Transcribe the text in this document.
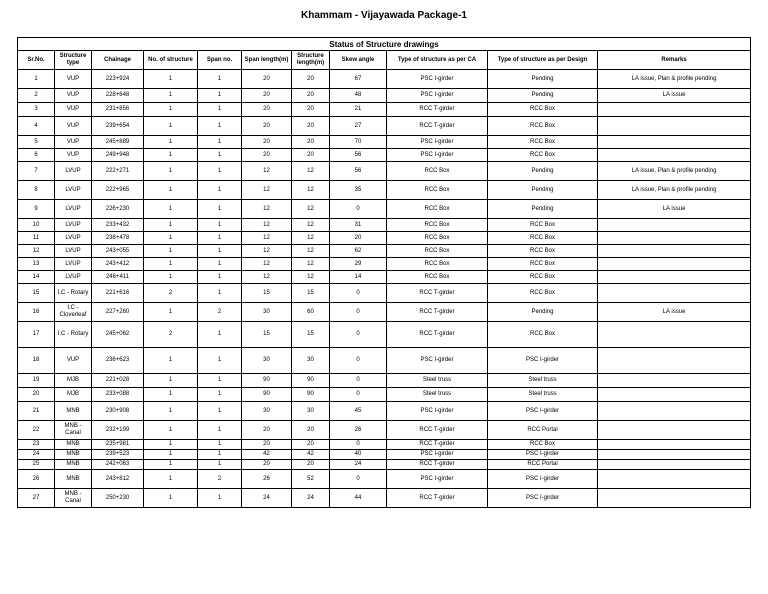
Khammam - Vijayawada Package-1
Status of Structure drawings										
Sr.No.	Structure type	Chainage	No. of structure	Span no.	Span length(m)	Structure length(m)	Skew angle	Type of structure as per CA	Type of structure as per Design	Remarks
1	VUP	223+924	1	1	20	20	67	PSC I-girder	Pending	LA issue, Plan & profile pending
2	VUP	228+648	1	1	20	20	48	PSC I-girder	Pending	LA issue
3	VUP	231+856	1	1	20	20	21	RCC T-girder	RCC Box	
4	VUP	239+654	1	1	20	20	27	RCC T-girder	RCC Box	
5	VUP	245+889	1	1	20	20	70	PSC I-girder	RCC Box	
6	VUP	249+948	1	1	20	20	56	PSC I-girder	RCC Box	
7	LVUP	222+271	1	1	12	12	56	RCC Box	Pending	LA issue, Plan & profile pending
8	LVUP	222+965	1	1	12	12	35	RCC Box	Pending	LA issue, Plan & profile pending
9	LVUP	226+230	1	1	12	12	0	RCC Box	Pending	LA issue
10	LVUP	233+432	1	1	12	12	31	RCC Box	RCC Box	
11	LVUP	238+478	1	1	12	12	20	RCC Box	RCC Box	
12	LVUP	243+055	1	1	12	12	62	RCC Box	RCC Box	
13	LVUP	243+412	1	1	12	12	29	RCC Box	RCC Box	
14	LVUP	246+411	1	1	12	12	14	RCC Box	RCC Box	
15	I.C - Rotary	221+616	2	1	15	15	0	RCC T-girder	RCC Box	
16	I.C - Cloverleaf	227+260	1	2	30	60	0	RCC T-girder	Pending	LA issue
17	I.C - Rotary	245+062	2	1	15	15	0	RCC T-girder	RCC Box	
18	VUP	236+623	1	1	30	30	0	PSC I-girder	PSC I-girder	
19	MJB	221+028	1	1	90	90	0	Steel truss	Steel truss	
20	MJB	233+088	1	1	90	90	0	Steel truss	Steel truss	
21	MNB	230+908	1	1	30	30	45	PSC I-girder	PSC I-girder	
22	MNB - Canal	232+199	1	1	20	20	26	RCC T-girder	RCC Portal	
23	MNB	235+981	1	1	20	20	0	RCC T-girder	RCC Box	
24	MNB	239+523	1	1	42	42	40	PSC I-girder	PSC I-girder	
25	MNB	242+063	1	1	20	20	24	RCC T-girder	RCC Portal	
26	MNB	243+812	1	2	26	52	0	PSC I-girder	PSC I-girder	
27	MNB - Canal	250+230	1	1	24	24	44	RCC T-girder	PSC I-girder	
